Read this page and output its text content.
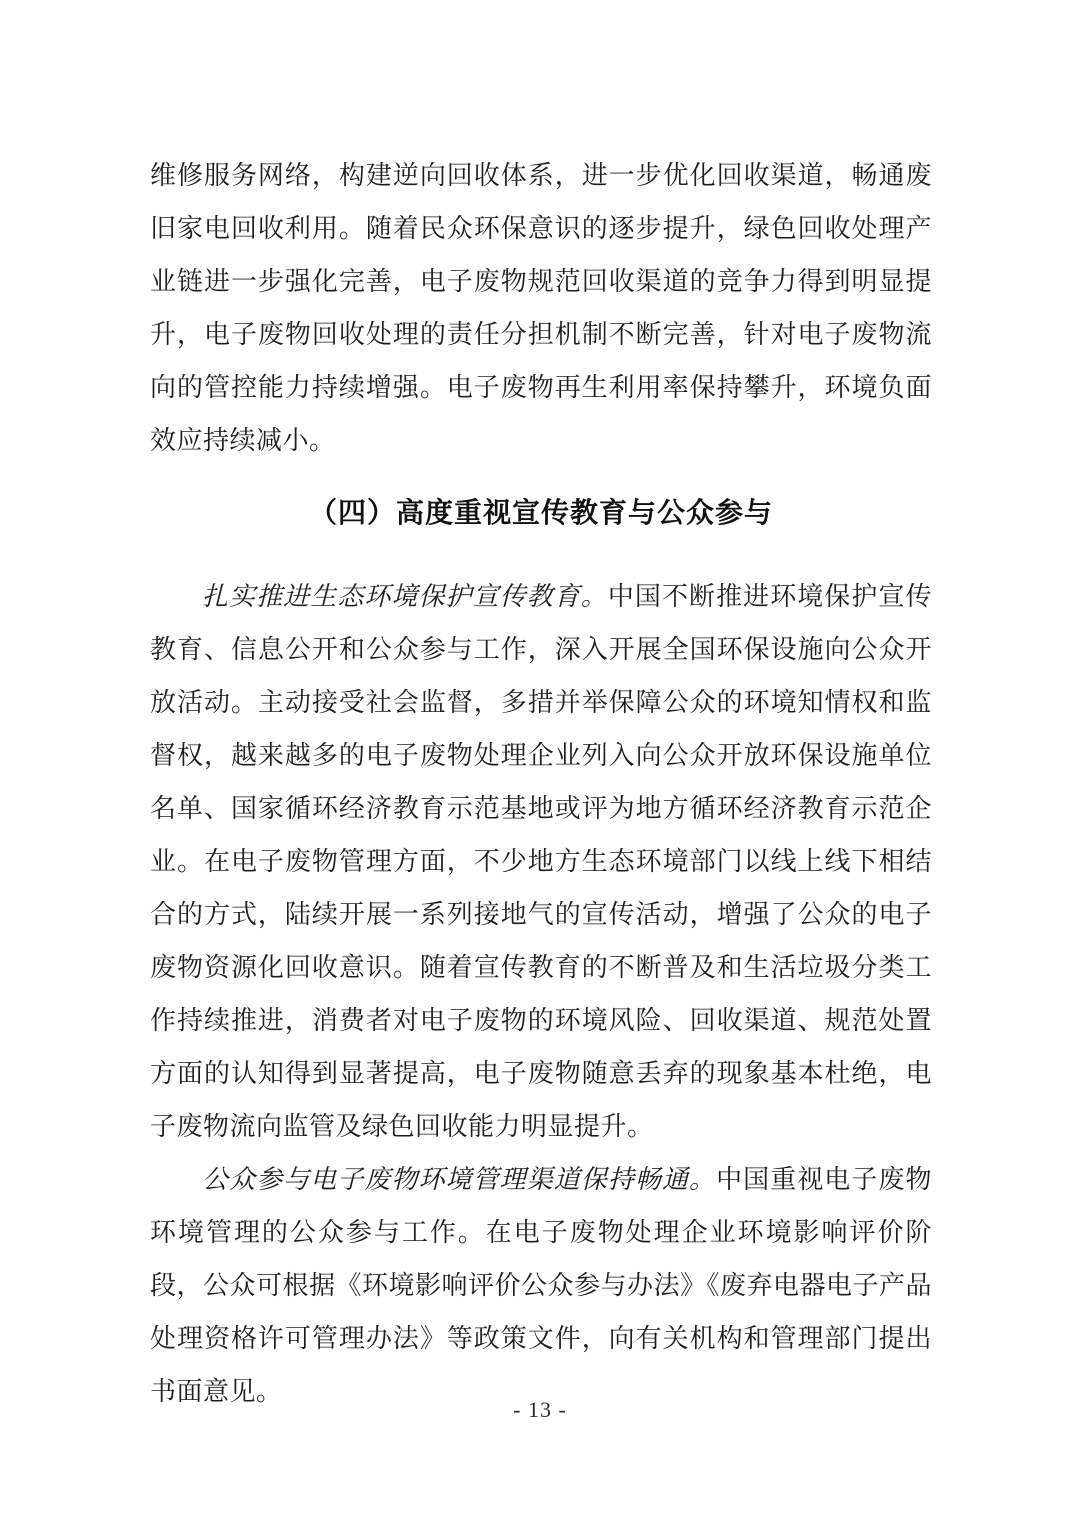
维修服务网络，构建逆向回收体系，进一步优化回收渠道，畅通废旧家电回收利用。随着民众环保意识的逐步提升，绿色回收处理产业链进一步强化完善，电子废物规范回收渠道的竞争力得到明显提升，电子废物回收处理的责任分担机制不断完善，针对电子废物流向的管控能力持续增强。电子废物再生利用率保持攀升，环境负面效应持续减小。

（四）高度重视宣传教育与公众参与

扎实推进生态环境保护宣传教育。中国不断推进环境保护宣传教育、信息公开和公众参与工作，深入开展全国环保设施向公众开放活动。主动接受社会监督，多措并举保障公众的环境知情权和监督权，越来越多的电子废物处理企业列入向公众开放环保设施单位名单、国家循环经济教育示范基地或评为地方循环经济教育示范企业。在电子废物管理方面，不少地方生态环境部门以线上线下相结合的方式，陆续开展一系列接地气的宣传活动，增强了公众的电子废物资源化回收意识。随着宣传教育的不断普及和生活垃圾分类工作持续推进，消费者对电子废物的环境风险、回收渠道、规范处置方面的认知得到显著提高，电子废物随意丢弃的现象基本杜绝，电子废物流向监管及绿色回收能力明显提升。

公众参与电子废物环境管理渠道保持畅通。中国重视电子废物环境管理的公众参与工作。在电子废物处理企业环境影响评价阶段，公众可根据《环境影响评价公众参与办法》《废弃电器电子产品处理资格许可管理办法》等政策文件，向有关机构和管理部门提出书面意见。

- 13 -
